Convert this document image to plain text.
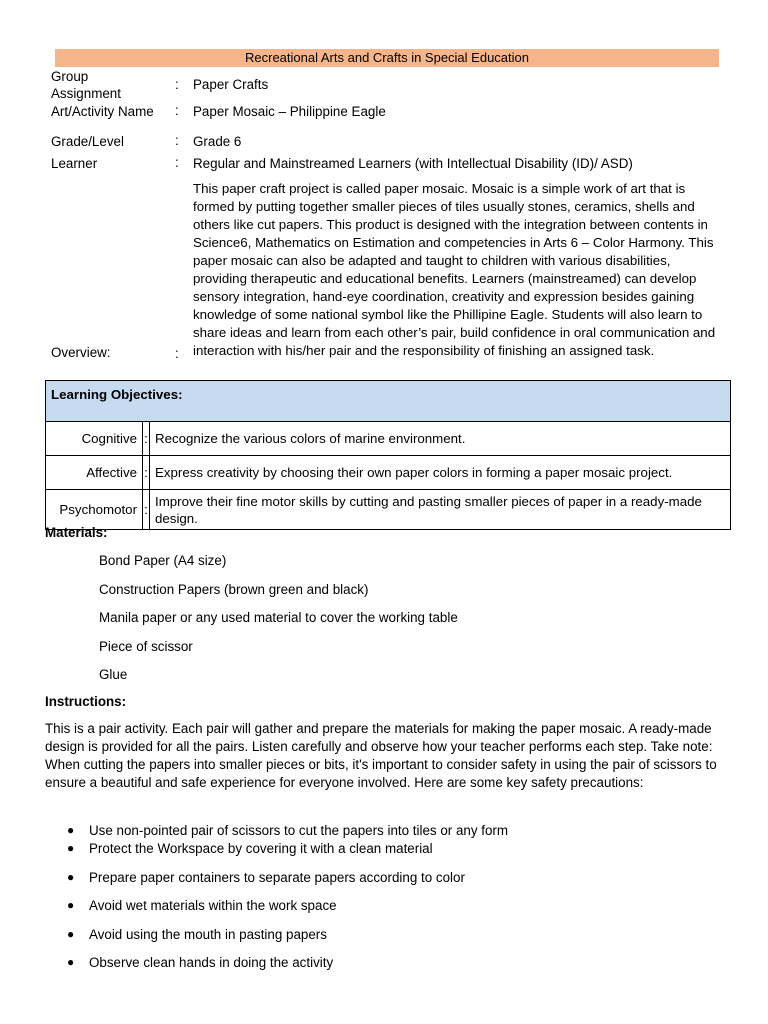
Recreational Arts and Crafts in Special Education
Group Assignment
: Paper Crafts
Art/Activity Name	: Paper Mosaic – Philippine Eagle
Grade/Level	: Grade 6
Learner	: Regular and Mainstreamed Learners (with Intellectual Disability (ID)/ ASD)
Overview:	:
This paper craft project is called paper mosaic. Mosaic is a simple work of art that is formed by putting together smaller pieces of tiles usually stones, ceramics, shells and others like cut papers. This product is designed with the integration between contents in Science6, Mathematics on Estimation and competencies in Arts 6 – Color Harmony. This paper mosaic can also be adapted and taught to children with various disabilities, providing therapeutic and educational benefits. Learners (mainstreamed) can develop sensory integration, hand-eye coordination, creativity and expression besides gaining knowledge of some national symbol like the Phillipine Eagle. Students will also learn to share ideas and learn from each other’s pair, build confidence in oral communication and interaction with his/her pair and the responsibility of finishing an assigned task.
Learning Objectives:		
Cognitive	:	Recognize the various colors of marine environment.
Affective	:	Express creativity by choosing their own paper colors in forming a paper mosaic project.
Psychomotor	:	Improve their fine motor skills by cutting and pasting smaller pieces of paper in a ready-made design.
Materials:
Bond Paper (A4 size)
Construction Papers (brown green and black)
Manila paper or any used material to cover the working table
Piece of scissor
Glue
Instructions:
This is a pair activity. Each pair will gather and prepare the materials for making the paper mosaic. A ready-made design is provided for all the pairs. Listen carefully and observe how your teacher performs each step. Take note: When cutting the papers into smaller pieces or bits, it's important to consider safety in using the pair of scissors to ensure a beautiful and safe experience for everyone involved. Here are some key safety precautions:
● Use non-pointed pair of scissors to cut the papers into tiles or any form
● Protect the Workspace by covering it with a clean material
● Prepare paper containers to separate papers according to color
● Avoid wet materials within the work space
● Avoid using the mouth in pasting papers
● Observe clean hands in doing the activity
